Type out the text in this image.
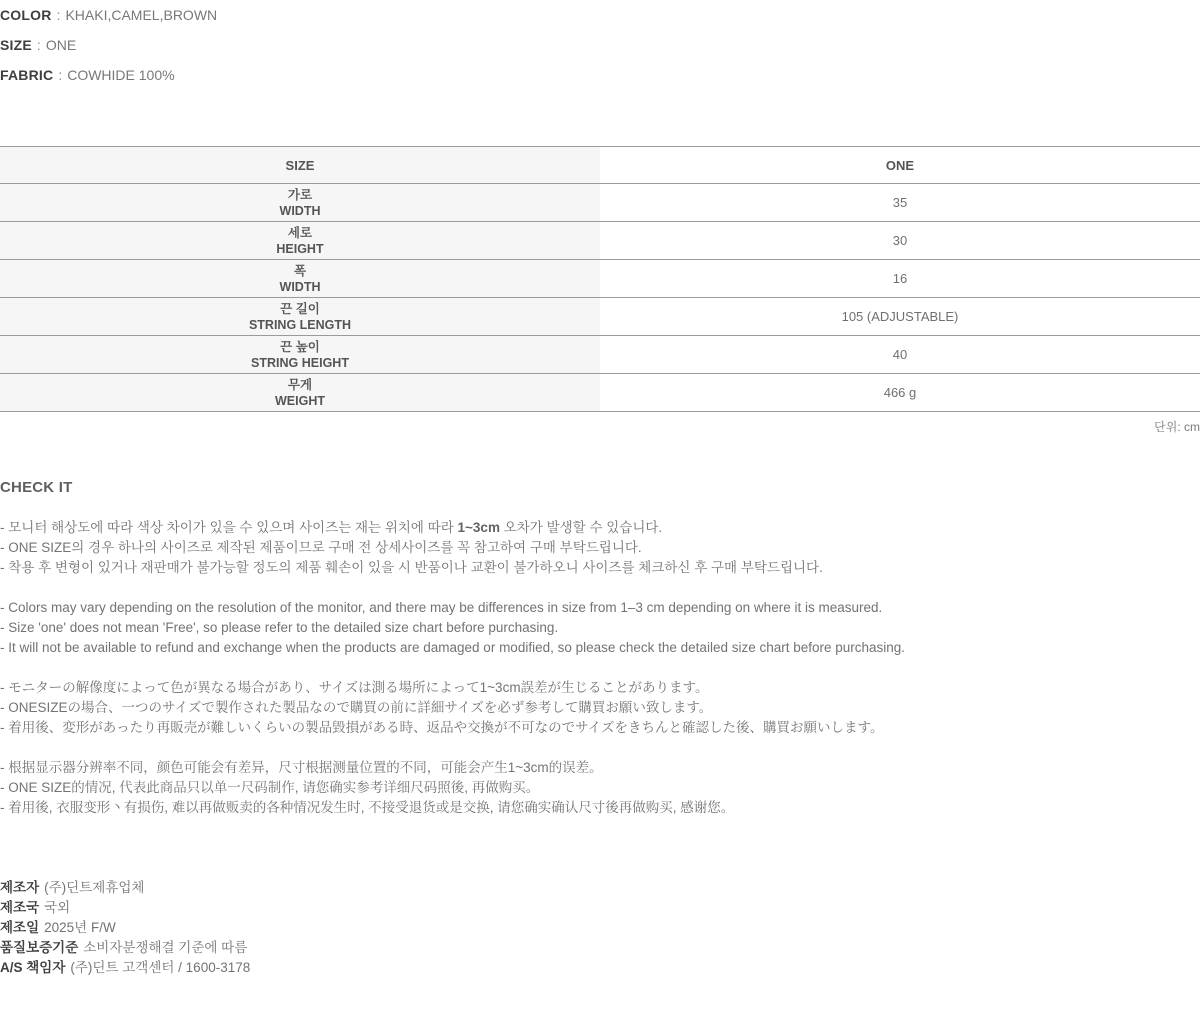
COLOR : KHAKI,CAMEL,BROWN
SIZE : ONE
FABRIC : COWHIDE 100%
SIZE	ONE
가로
WIDTH
35
세로
HEIGHT
30
폭
WIDTH
16
끈 길이
STRING LENGTH
105 (ADJUSTABLE)
끈 높이
STRING HEIGHT
40
무게
WEIGHT
466 g
단위: cm
CHECK IT
- 모니터 해상도에 따라 색상 차이가 있을 수 있으며 사이즈는 재는 위치에 따라 1~3cm 오차가 발생할 수 있습니다.
- ONE SIZE의 경우 하나의 사이즈로 제작된 제품이므로 구매 전 상세사이즈를 꼭 참고하여 구매 부탁드립니다.
- 착용 후 변형이 있거나 재판매가 불가능할 정도의 제품 훼손이 있을 시 반품이나 교환이 불가하오니 사이즈를 체크하신 후 구매 부탁드립니다.
- Colors may vary depending on the resolution of the monitor, and there may be differences in size from 1–3 cm depending on where it is measured.
- Size 'one' does not mean 'Free', so please refer to the detailed size chart before purchasing.
- It will not be available to refund and exchange when the products are damaged or modified, so please check the detailed size chart before purchasing.
- モニターの解像度によって色が異なる場合があり、サイズは測る場所によって1~3cm誤差が生じることがあります。
- ONESIZEの場合、一つのサイズで製作された製品なので購買の前に詳細サイズを必ず参考して購買お願い致します。
- 着用後、変形があったり再販売が難しいくらいの製品毀損がある時、返品や交換が不可なのでサイズをきちんと確認した後、購買お願いします。
- 根据显示器分辨率不同，颜色可能会有差异，尺寸根据测量位置的不同，可能会产生1~3cm的误差。
- ONE SIZE的情况, 代表此商品只以单一尺码制作, 请您确实参考详细尺码照後, 再做购买。
- 着用後, 衣服变形丶有损伤, 难以再做贩卖的各种情况发生时, 不接受退货或是交换, 请您确实确认尺寸後再做购买, 感谢您。
제조자 (주)딘트제휴업체
제조국 국외
제조일 2025년 F/W
품질보증기준 소비자분쟁해결 기준에 따름
A/S 책임자 (주)딘트 고객센터 / 1600-3178
